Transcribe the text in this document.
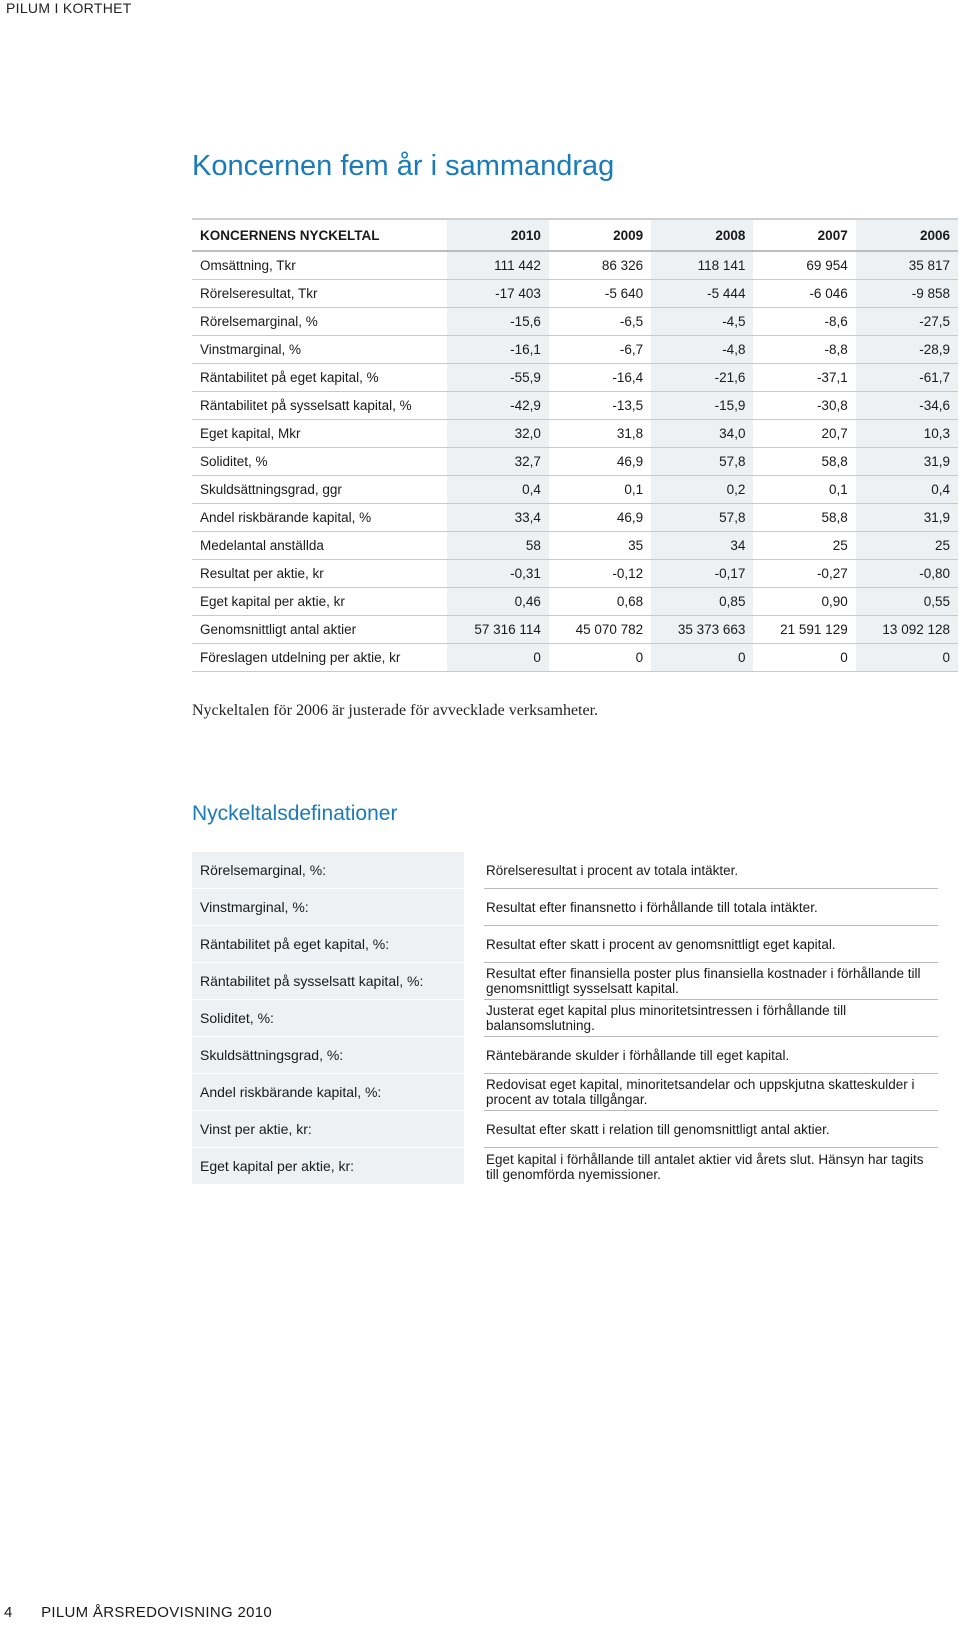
PILUM I KORTHET
Koncernen fem år i sammandrag
KONCERNENS NYCKELTAL	2010	2009	2008	2007	2006
Omsättning, Tkr	111 442	86 326	118 141	69 954	35 817
Rörelseresultat, Tkr	-17 403	-5 640	-5 444	-6 046	-9 858
Rörelsemarginal, %	-15,6	-6,5	-4,5	-8,6	-27,5
Vinstmarginal, %	-16,1	-6,7	-4,8	-8,8	-28,9
Räntabilitet på eget kapital, %	-55,9	-16,4	-21,6	-37,1	-61,7
Räntabilitet på sysselsatt kapital, %	-42,9	-13,5	-15,9	-30,8	-34,6
Eget kapital, Mkr	32,0	31,8	34,0	20,7	10,3
Soliditet, %	32,7	46,9	57,8	58,8	31,9
Skuldsättningsgrad, ggr	0,4	0,1	0,2	0,1	0,4
Andel riskbärande kapital, %	33,4	46,9	57,8	58,8	31,9
Medelantal anställda	58	35	34	25	25
Resultat per aktie, kr	-0,31	-0,12	-0,17	-0,27	-0,80
Eget kapital per aktie, kr	0,46	0,68	0,85	0,90	0,55
Genomsnittligt antal aktier	57 316 114	45 070 782	35 373 663	21 591 129	13 092 128
Föreslagen utdelning per aktie, kr	0	0	0	0	0
Nyckeltalen för 2006 är justerade för avvecklade verksamheter.
Nyckeltalsdefinationer
Rörelsemarginal, %:	Rörelseresultat i procent av totala intäkter.
Vinstmarginal, %:	Resultat efter finansnetto i förhållande till totala intäkter.
Räntabilitet på eget kapital, %:	Resultat efter skatt i procent av genomsnittligt eget kapital.
Räntabilitet på sysselsatt kapital, %:	Resultat efter finansiella poster plus finansiella kostnader i förhållande till genomsnittligt sysselsatt kapital.
Soliditet, %:	Justerat eget kapital plus minoritetsintressen i förhållande till balansomslutning.
Skuldsättningsgrad, %:	Räntebärande skulder i förhållande till eget kapital.
Andel riskbärande kapital, %:	Redovisat eget kapital, minoritetsandelar och uppskjutna skatteskulder i procent av totala tillgångar.
Vinst per aktie, kr:	Resultat efter skatt i relation till genomsnittligt antal aktier.
Eget kapital per aktie, kr:	Eget kapital i förhållande till antalet aktier vid årets slut. Hänsyn har tagits till genomförda nyemissioner.
4 PILUM ÅRSREDOVISNING 2010
